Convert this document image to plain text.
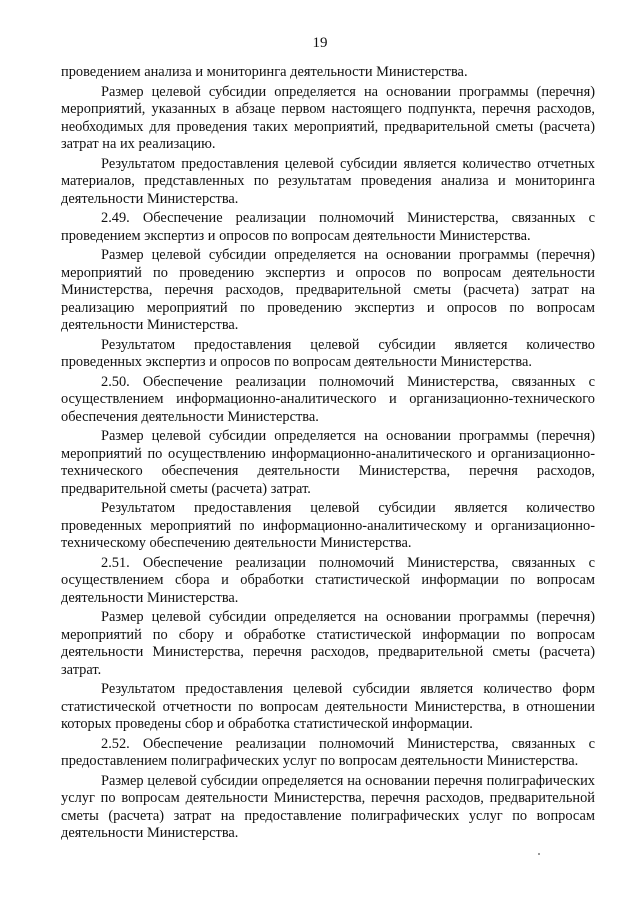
19

проведением анализа и мониторинга деятельности Министерства.

Размер целевой субсидии определяется на основании программы (перечня) мероприятий, указанных в абзаце первом настоящего подпункта, перечня расходов, необходимых для проведения таких мероприятий, предварительной сметы (расчета) затрат на их реализацию.

Результатом предоставления целевой субсидии является количество отчетных материалов, представленных по результатам проведения анализа и мониторинга деятельности Министерства.

2.49. Обеспечение реализации полномочий Министерства, связанных с проведением экспертиз и опросов по вопросам деятельности Министерства.

Размер целевой субсидии определяется на основании программы (перечня) мероприятий по проведению экспертиз и опросов по вопросам деятельности Министерства, перечня расходов, предварительной сметы (расчета) затрат на реализацию мероприятий по проведению экспертиз и опросов по вопросам деятельности Министерства.

Результатом предоставления целевой субсидии является количество проведенных экспертиз и опросов по вопросам деятельности Министерства.

2.50. Обеспечение реализации полномочий Министерства, связанных с осуществлением информационно-аналитического и организационно-технического обеспечения деятельности Министерства.

Размер целевой субсидии определяется на основании программы (перечня) мероприятий по осуществлению информационно-аналитического и организационно-технического обеспечения деятельности Министерства, перечня расходов, предварительной сметы (расчета) затрат.

Результатом предоставления целевой субсидии является количество проведенных мероприятий по информационно-аналитическому и организационно-техническому обеспечению деятельности Министерства.

2.51. Обеспечение реализации полномочий Министерства, связанных с осуществлением сбора и обработки статистической информации по вопросам деятельности Министерства.

Размер целевой субсидии определяется на основании программы (перечня) мероприятий по сбору и обработке статистической информации по вопросам деятельности Министерства, перечня расходов, предварительной сметы (расчета) затрат.

Результатом предоставления целевой субсидии является количество форм статистической отчетности по вопросам деятельности Министерства, в отношении которых проведены сбор и обработка статистической информации.

2.52. Обеспечение реализации полномочий Министерства, связанных с предоставлением полиграфических услуг по вопросам деятельности Министерства.

Размер целевой субсидии определяется на основании перечня полиграфических услуг по вопросам деятельности Министерства, перечня расходов, предварительной сметы (расчета) затрат на предоставление полиграфических услуг по вопросам деятельности Министерства.
